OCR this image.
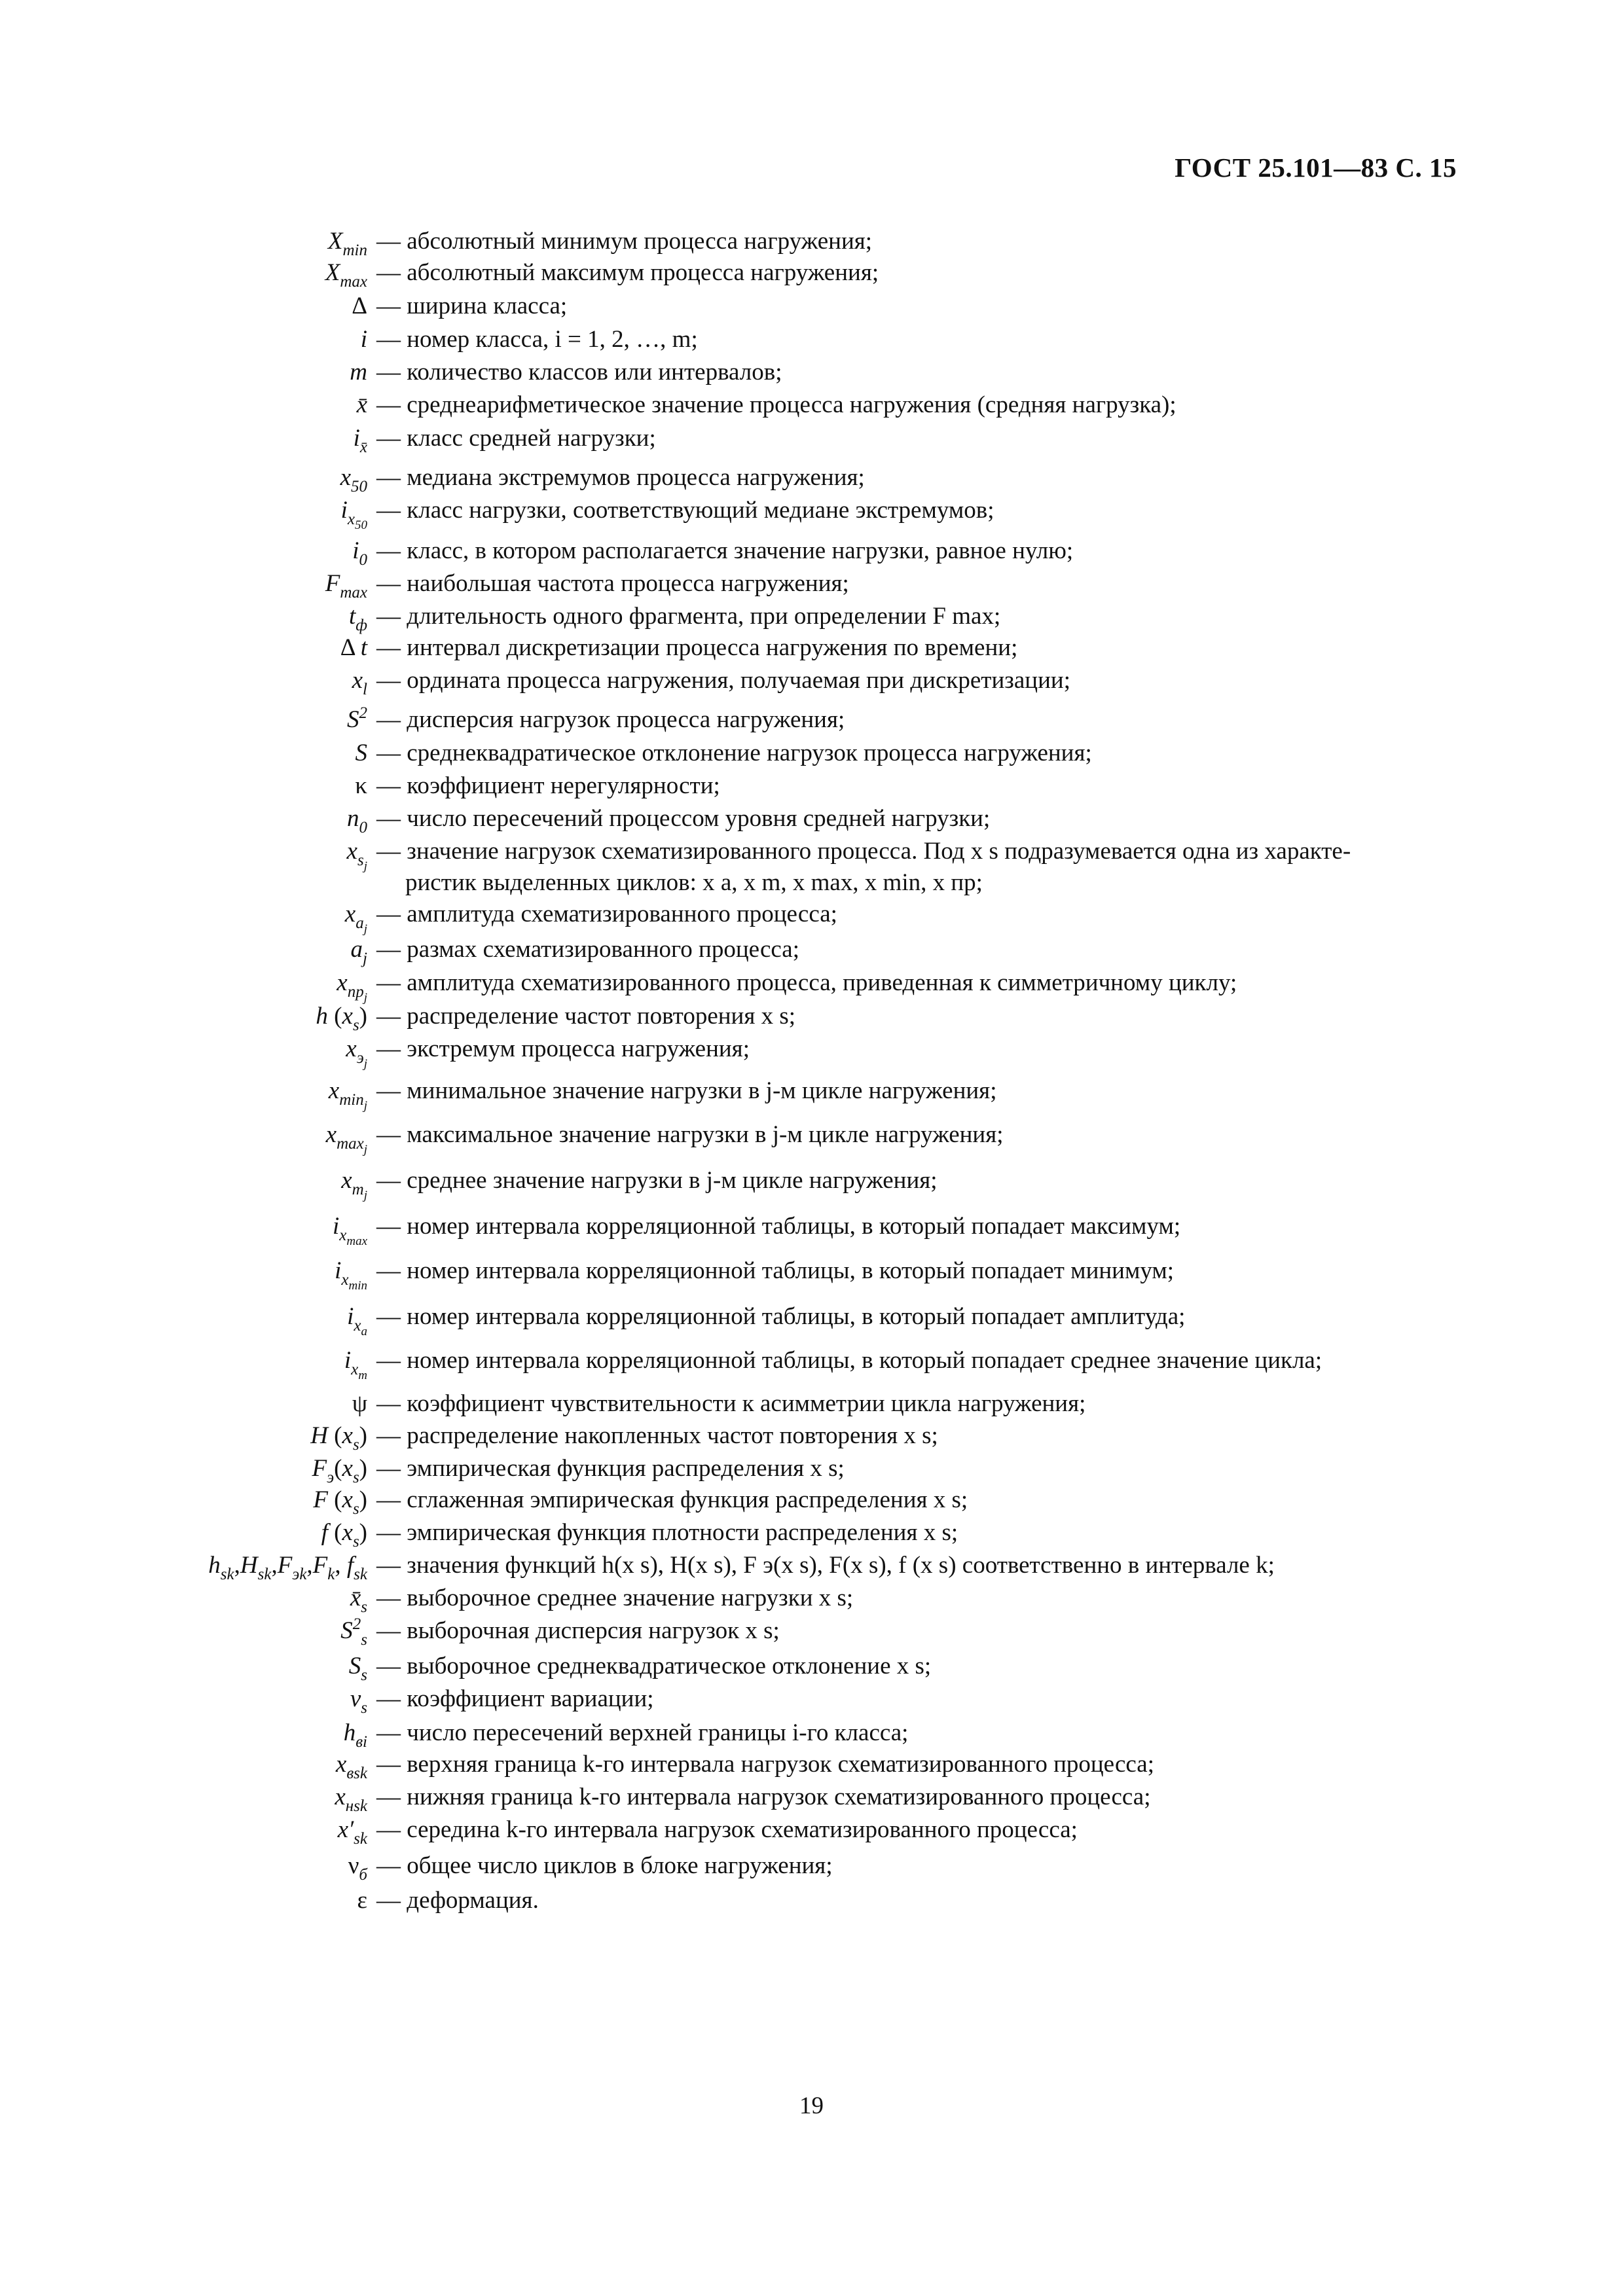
ГОСТ 25.101—83 С. 15
$X_{min}$ — абсолютный минимум процесса нагружения;
$X_{max}$ — абсолютный максимум процесса нагружения;
Δ — ширина класса;
i — номер класса, i = 1, 2, …, m;
m — количество классов или интервалов;
x̄ — среднеарифметическое значение процесса нагружения (средняя нагрузка);
$i_{x̄}$ — класс средней нагрузки;
$x_{50}$ — медиана экстремумов процесса нагружения;
$i_{x_{50}}$
— класс нагрузки, соответствующий медиане экстремумов;
$i_0$ — класс, в котором располагается значение нагрузки, равное нулю;
$F_{max}$ — наибольшая частота процесса нагружения;
$t_ф$ — длительность одного фрагмента, при определении F max;
Δ t — интервал дискретизации процесса нагружения по времени;
$x_l$ — ордината процесса нагружения, получаемая при дискретизации;
$S^2$ — дисперсия нагрузок процесса нагружения;
S — среднеквадратическое отклонение нагрузок процесса нагружения;
κ — коэффициент нерегулярности;
$n_0$ — число пересечений процессом уровня средней нагрузки;
$x_{s_j}$
— значение нагрузок схематизированного процесса. Под x s подразумевается одна из характе-
ристик выделенных циклов: x a, x m, x max, x min, x пр;
$x_{a_j}$
— амплитуда схематизированного процесса;
$a_j$ — размах схематизированного процесса;
$x_{пр_j}$
— амплитуда схематизированного процесса, приведенная к симметричному циклу;
h $(x_s)$ — распределение частот повторения x s;
$x_{э_j}$
— экстремум процесса нагружения;
$x_{min_j}$
— минимальное значение нагрузки в j-м цикле нагружения;
$x_{max_j}$
— максимальное значение нагрузки в j-м цикле нагружения;
$x_{m_j}$
— среднее значение нагрузки в j-м цикле нагружения;
$i_{x_{max}}$
— номер интервала корреляционной таблицы, в который попадает максимум;
$i_{x_{min}}$
— номер интервала корреляционной таблицы, в который попадает минимум;
$i_{x_a}$
— номер интервала корреляционной таблицы, в который попадает амплитуда;
$i_{x_m}$
— номер интервала корреляционной таблицы, в который попадает среднее значение цикла;
ψ — коэффициент чувствительности к асимметрии цикла нагружения;
H $(x_s)$ — распределение накопленных частот повторения x s;
$F_э(x_s)$ — эмпирическая функция распределения x s;
F $(x_s)$ — сглаженная эмпирическая функция распределения x s;
f $(x_s)$ — эмпирическая функция плотности распределения x s;
$h_{sk},H_{sk},F_{эk},F_k$, $f_{sk}$ — значения функций h(x s), H(x s), F э(x s), F(x s), f (x s) соответственно в интервале k;
$x̄_s$ — выборочное среднее значение нагрузки x s;
$S^2_s$ — выборочная дисперсия нагрузок x s;
$S_s$ — выборочное среднеквадратическое отклонение x s;
$v_s$ — коэффициент вариации;
$h_{вi}$ — число пересечений верхней границы i-го класса;
$x_{вsk}$ — верхняя граница k-го интервала нагрузок схематизированного процесса;
$x_{нsk}$ — нижняя граница k-го интервала нагрузок схематизированного процесса;
$x'_{sk}$ — середина k-го интервала нагрузок схематизированного процесса;
$\nu_б$ — общее число циклов в блоке нагружения;
ε — деформация.
19
